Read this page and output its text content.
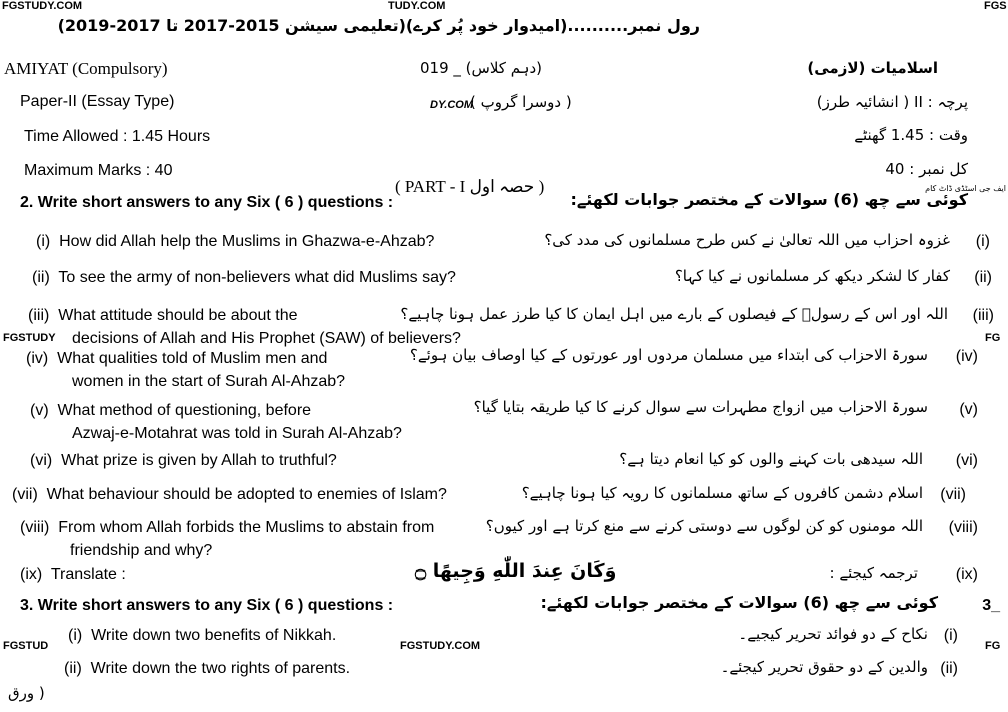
FGSTUDY.COM	TUDY.COM	FGS
FGSTUDY	FG
DY.COM
FGSTUD	FGSTUDY.COM	FG
ایف جی اسٹڈی ڈاٹ کام
رول نمبر..........(امیدوار خود پُر کرے)(تعلیمی سیشن 2015-2017 تا 2017-2019)
AMIYAT (Compulsory)	(دہم کلاس) _ 019	اسلامیات (لازمی)
Paper-II (Essay Type)	( دوسرا گروپ )	پرچہ : II ( انشائیہ طرز)
Time Allowed : 1.45 Hours	وقت : 1.45 گھنٹے
Maximum Marks : 40	کل نمبر : 40
( PART - I حصہ اول )
2. Write short answers to any Six ( 6 ) questions :	کوئی سے چھ (6) سوالات کے مختصر جوابات لکھئے:
(i) How did Allah help the Muslims in Ghazwa-e-Ahzab?	غزوہ احزاب میں اللہ تعالیٰ نے کس طرح مسلمانوں کی مدد کی؟ (i)
(ii) To see the army of non-believers what did Muslims say?	کفار کا لشکر دیکھ کر مسلمانوں نے کیا کہا؟ (ii)
(iii) What attitude should be about the
decisions of Allah and His Prophet (SAW) of believers?
اللہ اور اس کے رسولؐ کے فیصلوں کے بارے میں اہل ایمان کا کیا طرز عمل ہونا چاہیے؟ (iii)
(iv) What qualities told of Muslim men and
women in the start of Surah Al-Ahzab?
سورۃ الاحزاب کی ابتداء میں مسلمان مردوں اور عورتوں کے کیا اوصاف بیان ہوئے؟ (iv)
(v) What method of questioning, before
Azwaj-e-Motahrat was told in Surah Al-Ahzab?
سورۃ الاحزاب میں ازواج مطہرات سے سوال کرنے کا کیا طریقہ بتایا گیا؟ (v)
(vi) What prize is given by Allah to truthful?	اللہ سیدھی بات کہنے والوں کو کیا انعام دیتا ہے؟ (vi)
(vii) What behaviour should be adopted to enemies of Islam?	اسلام دشمن کافروں کے ساتھ مسلمانوں کا رویہ کیا ہونا چاہیے؟ (vii)
(viii) From whom Allah forbids the Muslims to abstain from
friendship and why?
اللہ مومنوں کو کن لوگوں سے دوستی کرنے سے منع کرتا ہے اور کیوں؟ (viii)
(ix) Translate :	وَكَانَ عِندَ اللّٰهِ وَجِيهًا ۝	ترجمہ کیجئے : (ix)
3. Write short answers to any Six ( 6 ) questions :	کوئی سے چھ (6) سوالات کے مختصر جوابات لکھئے:	3_
(i) Write down two benefits of Nikkah.	نکاح کے دو فوائد تحریر کیجیے۔ (i)
(ii) Write down the two rights of parents.	والدین کے دو حقوق تحریر کیجئے۔ (ii)
( ورق
